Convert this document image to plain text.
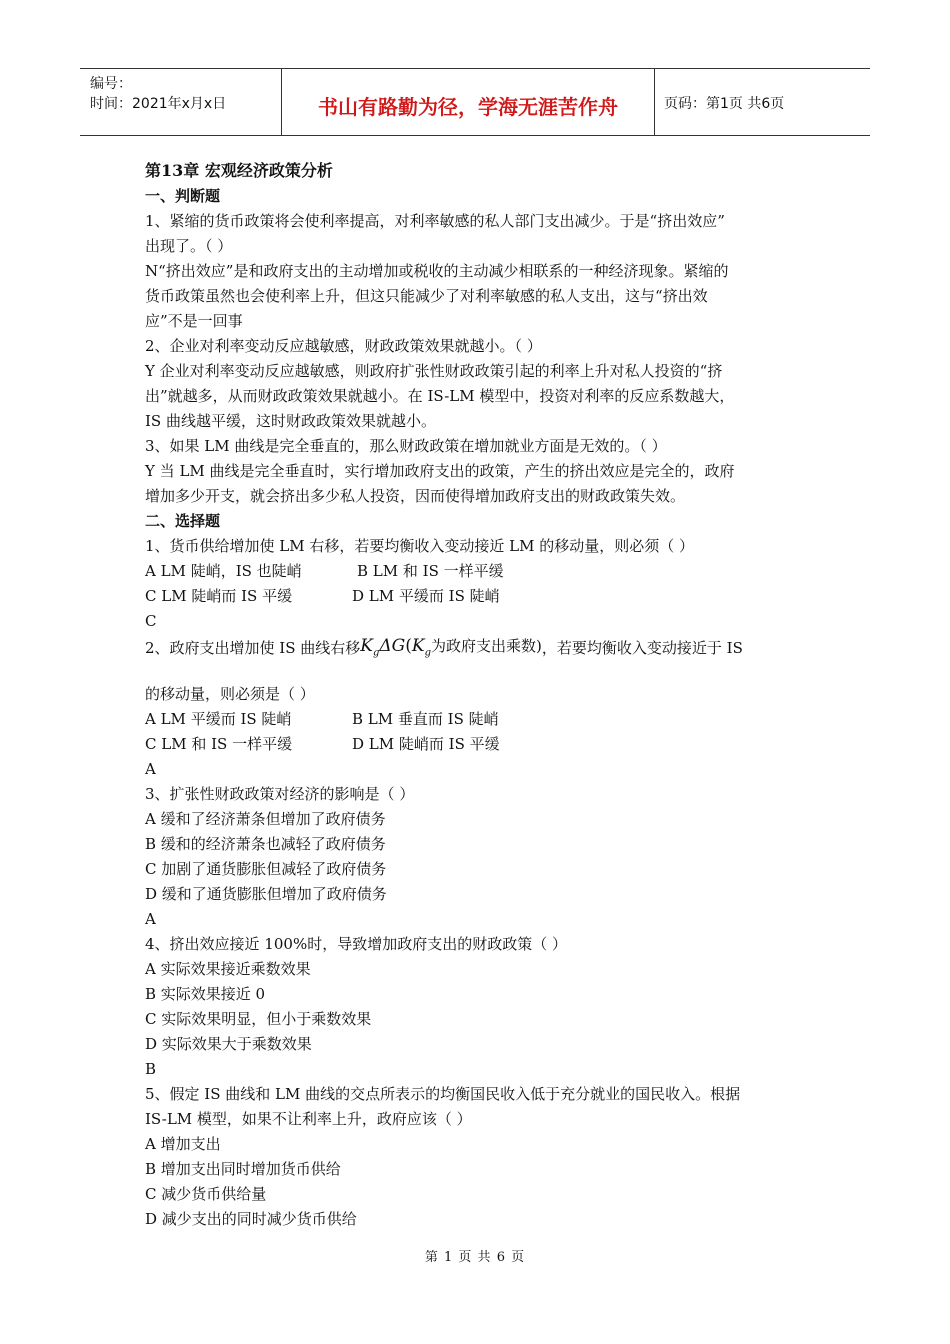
编号：
时间：2021年x月x日	书山有路勤为径，学海无涯苦作舟	页码：第1页 共6页
第13章 宏观经济政策分析
一、判断题
1、紧缩的货币政策将会使利率提高，对利率敏感的私人部门支出减少。于是“挤出效应”
出现了。（ ）
N“挤出效应”是和政府支出的主动增加或税收的主动减少相联系的一种经济现象。紧缩的
货币政策虽然也会使利率上升，但这只能减少了对利率敏感的私人支出，这与“挤出效
应”不是一回事
2、企业对利率变动反应越敏感，财政政策效果就越小。（ ）
Y 企业对利率变动反应越敏感，则政府扩张性财政政策引起的利率上升对私人投资的“挤
出”就越多，从而财政政策效果就越小。在 IS-LM 模型中，投资对利率的反应系数越大，
IS 曲线越平缓，这时财政政策效果就越小。
3、如果 LM 曲线是完全垂直的，那么财政政策在增加就业方面是无效的。（ ）
Y 当 LM 曲线是完全垂直时，实行增加政府支出的政策，产生的挤出效应是完全的，政府
增加多少开支，就会挤出多少私人投资，因而使得增加政府支出的财政政策失效。
二、选择题
1、货币供给增加使 LM 右移，若要均衡收入变动接近 LM 的移动量，则必须（ ）
A LM 陡峭，IS 也陡峭	B LM 和 IS 一样平缓
C LM 陡峭而 IS 平缓	D LM 平缓而 IS 陡峭
C
2、政府支出增加使 IS 曲线右移$K_g\Delta G(K_g$为政府支出乘数)，若要均衡收入变动接近于 IS
的移动量，则必须是（ ）
A LM 平缓而 IS 陡峭	B LM 垂直而 IS 陡峭
C LM 和 IS 一样平缓	D LM 陡峭而 IS 平缓
A
3、扩张性财政政策对经济的影响是（ ）
A 缓和了经济萧条但增加了政府债务
B 缓和的经济萧条也减轻了政府债务
C 加剧了通货膨胀但减轻了政府债务
D 缓和了通货膨胀但增加了政府债务
A
4、挤出效应接近 100%时，导致增加政府支出的财政政策（ ）
A 实际效果接近乘数效果
B 实际效果接近 0
C 实际效果明显，但小于乘数效果
D 实际效果大于乘数效果
B
5、假定 IS 曲线和 LM 曲线的交点所表示的均衡国民收入低于充分就业的国民收入。根据
IS-LM 模型，如果不让利率上升，政府应该（ ）
A 增加支出
B 增加支出同时增加货币供给
C 减少货币供给量
D 减少支出的同时减少货币供给
第 1 页 共 6 页
